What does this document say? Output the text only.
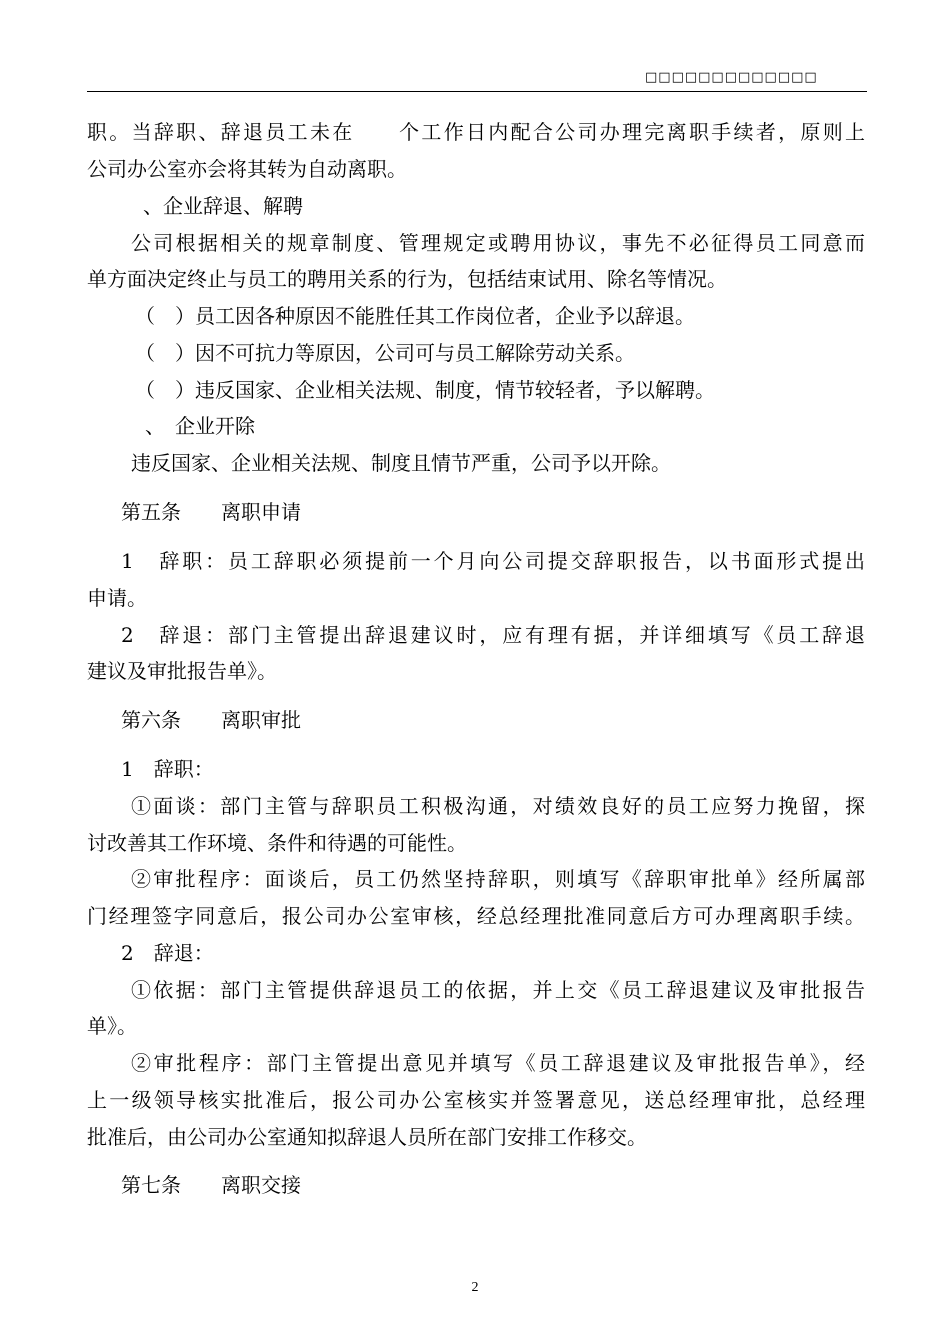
□□□□□□□□□□□□□
职。当辞职、辞退员工未在　　个工作日内配合公司办理完离职手续者，原则上
公司办公室亦会将其转为自动离职。
、企业辞退、解聘
公司根据相关的规章制度、管理规定或聘用协议，事先不必征得员工同意而
单方面决定终止与员工的聘用关系的行为，包括结束试用、除名等情况。
（　）员工因各种原因不能胜任其工作岗位者，企业予以辞退。
（　）因不可抗力等原因，公司可与员工解除劳动关系。
（　）违反国家、企业相关法规、制度，情节较轻者，予以解聘。
、　企业开除
违反国家、企业相关法规、制度且情节严重，公司予以开除。
第五条　　离职申请
1　辞职：员工辞职必须提前一个月向公司提交辞职报告，以书面形式提出
申请。
2　辞退：部门主管提出辞退建议时，应有理有据，并详细填写《员工辞退
建议及审批报告单》。
第六条　　离职审批
1　辞职：
①面谈：部门主管与辞职员工积极沟通，对绩效良好的员工应努力挽留，探
讨改善其工作环境、条件和待遇的可能性。
②审批程序：面谈后，员工仍然坚持辞职，则填写《辞职审批单》经所属部
门经理签字同意后，报公司办公室审核，经总经理批准同意后方可办理离职手续。
2　辞退：
①依据：部门主管提供辞退员工的依据，并上交《员工辞退建议及审批报告
单》。
②审批程序：部门主管提出意见并填写《员工辞退建议及审批报告单》，经
上一级领导核实批准后，报公司办公室核实并签署意见，送总经理审批，总经理
批准后，由公司办公室通知拟辞退人员所在部门安排工作移交。
第七条　　离职交接
2
